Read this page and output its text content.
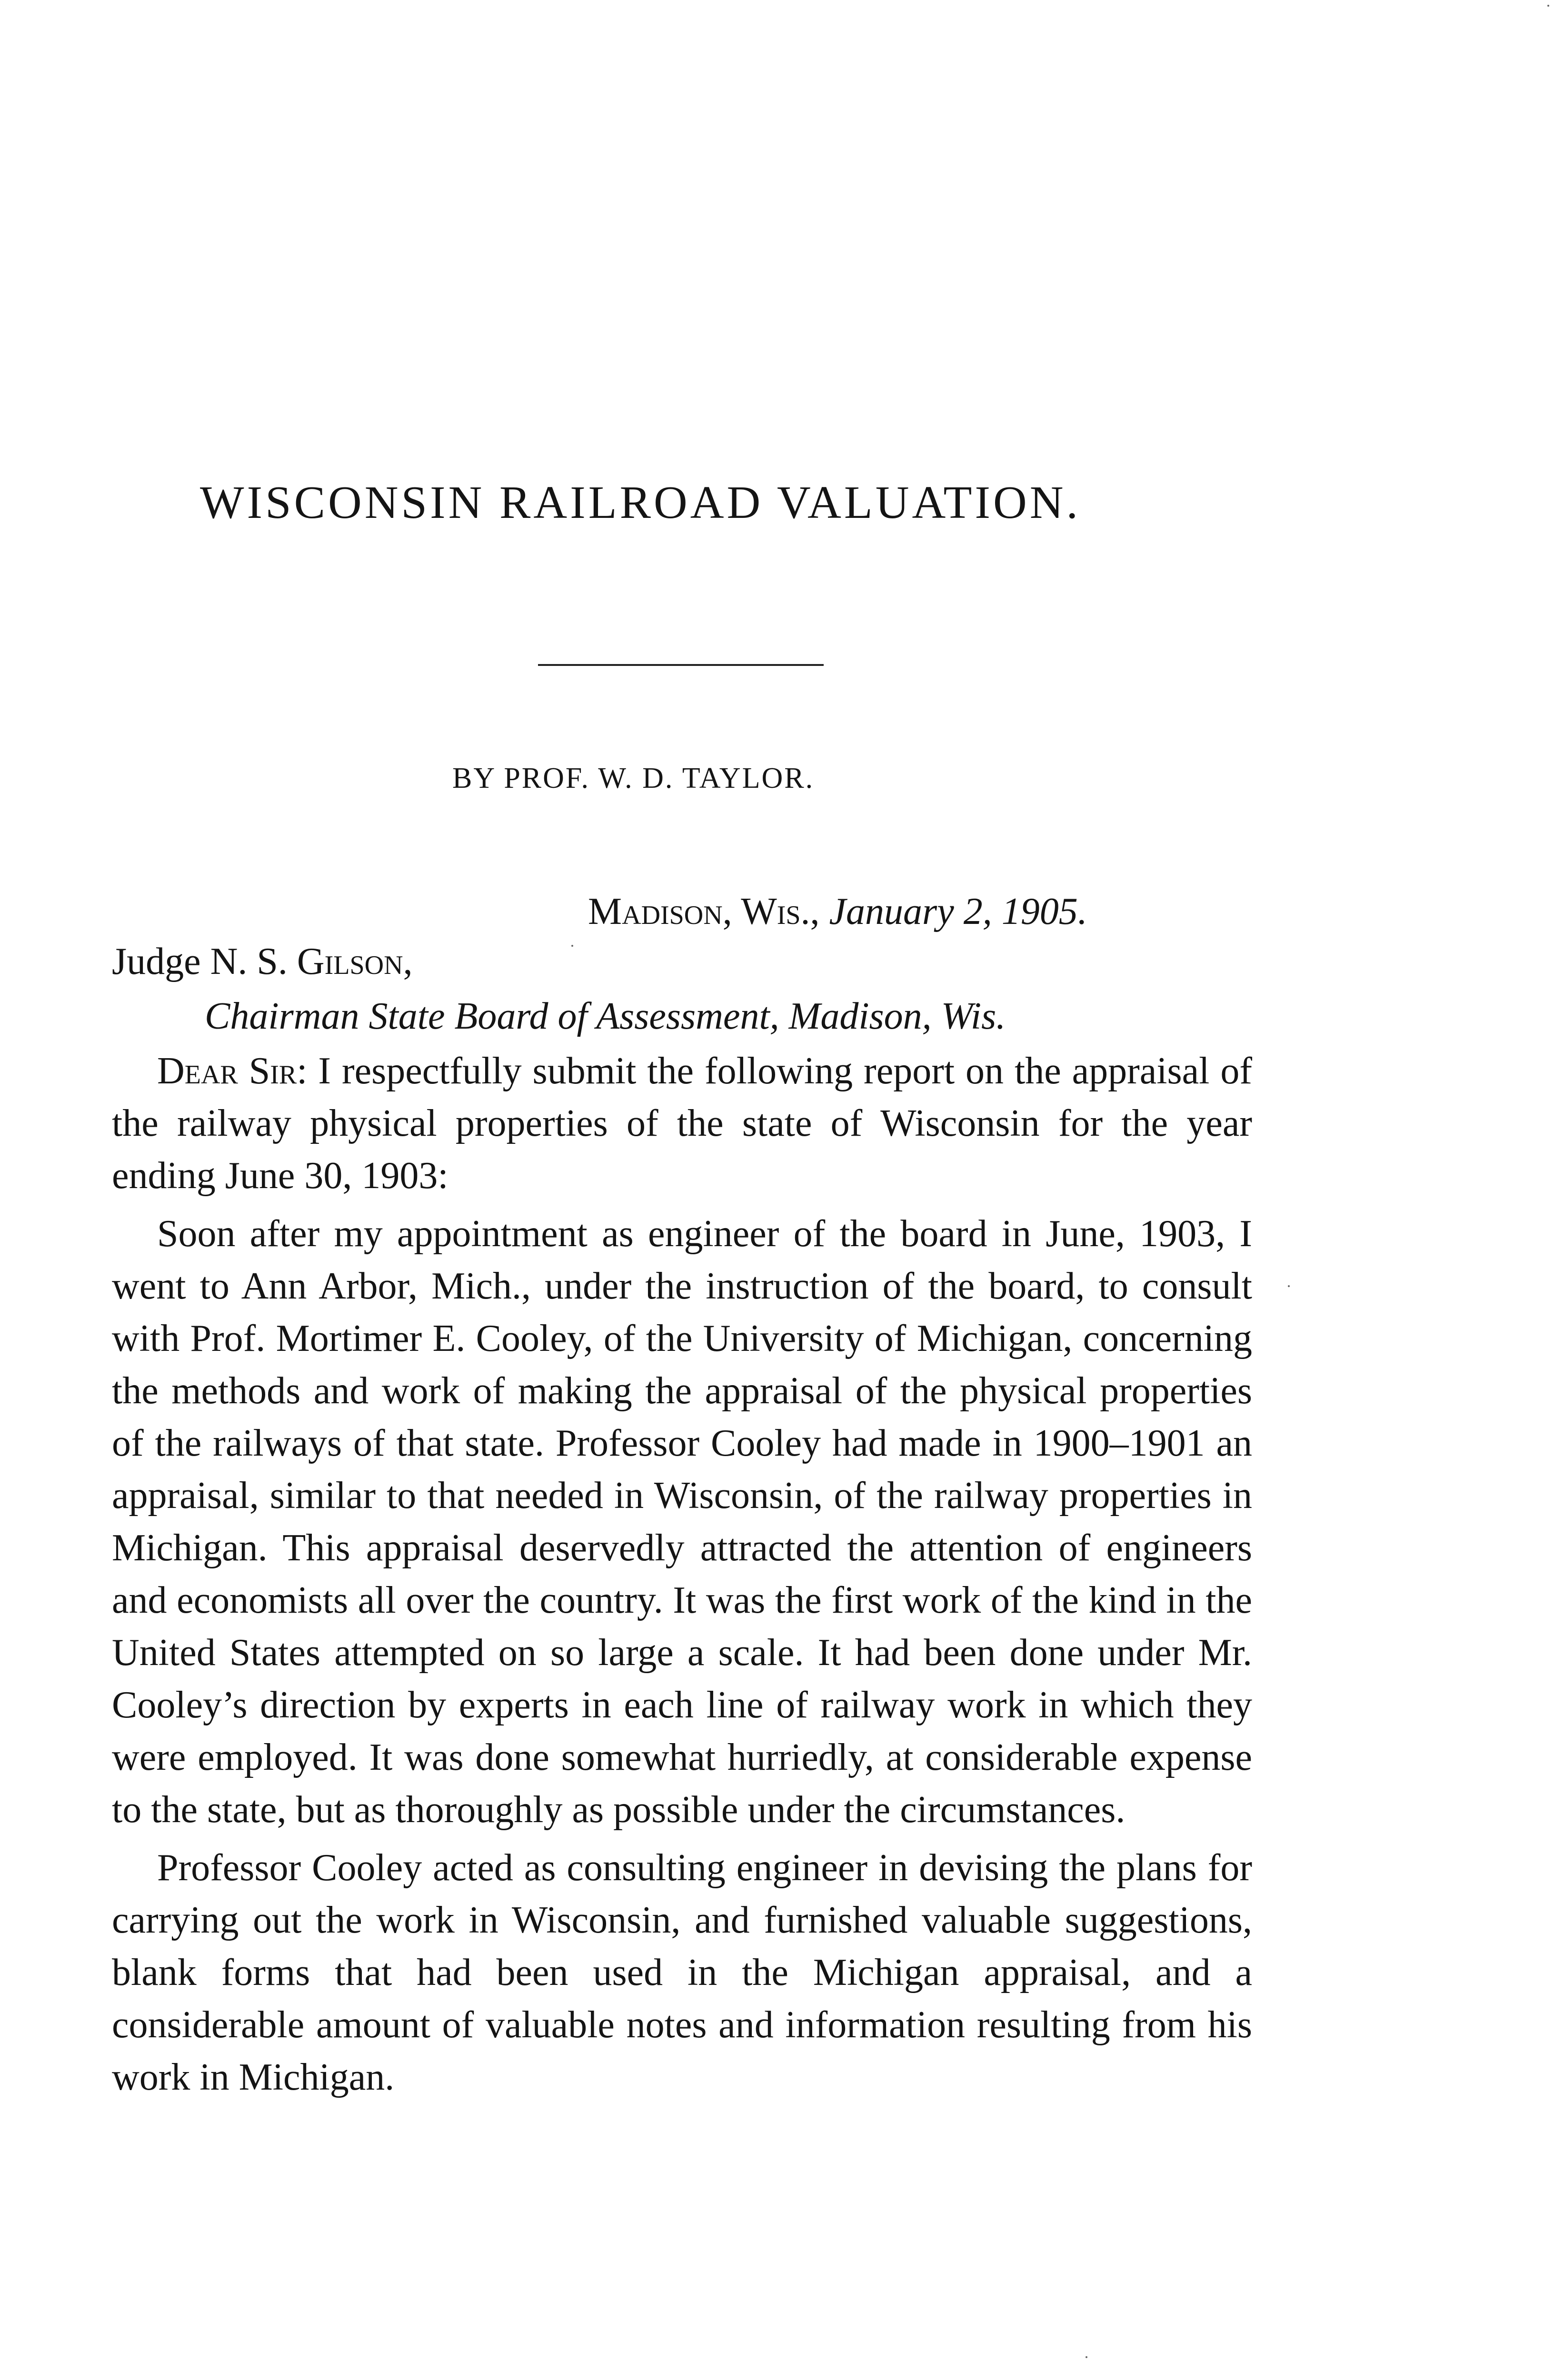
WISCONSIN RAILROAD VALUATION.
BY PROF. W. D. TAYLOR.
Madison, Wis., January 2, 1905.
Judge N. S. Gilson,
Chairman State Board of Assessment, Madison, Wis.

Dear Sir: I respectfully submit the following report on the appraisal of the railway physical properties of the state of Wisconsin for the year ending June 30, 1903:

Soon after my appointment as engineer of the board in June, 1903, I went to Ann Arbor, Mich., under the instruction of the board, to consult with Prof. Mortimer E. Cooley, of the University of Michigan, concerning the methods and work of making the appraisal of the physical properties of the railways of that state. Professor Cooley had made in 1900–1901 an appraisal, similar to that needed in Wisconsin, of the railway properties in Michigan. This appraisal deservedly attracted the attention of engineers and economists all over the country. It was the first work of the kind in the United States attempted on so large a scale. It had been done under Mr. Cooley’s direction by experts in each line of railway work in which they were employed. It was done somewhat hurriedly, at considerable expense to the state, but as thoroughly as possible under the circumstances.

Professor Cooley acted as consulting engineer in devising the plans for carrying out the work in Wisconsin, and furnished valuable suggestions, blank forms that had been used in the Michigan appraisal, and a considerable amount of valuable notes and information resulting from his work in Michigan.
